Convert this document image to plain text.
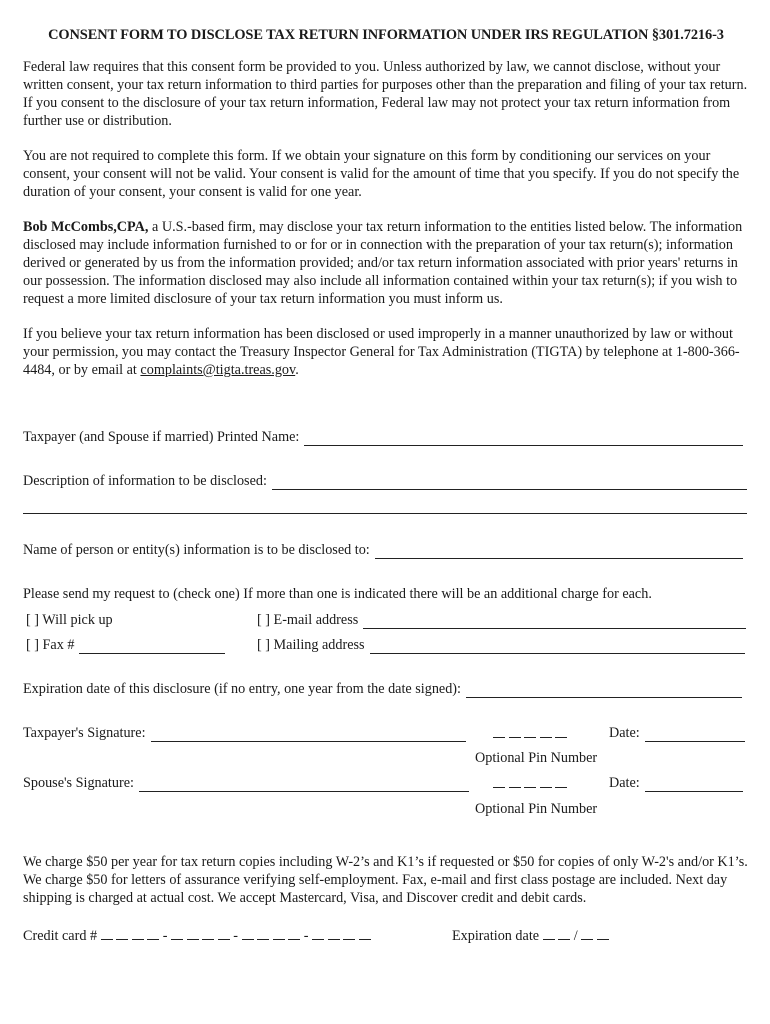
CONSENT FORM TO DISCLOSE TAX RETURN INFORMATION UNDER IRS REGULATION §301.7216-3

Federal law requires that this consent form be provided to you. Unless authorized by law, we cannot disclose, without your written consent, your tax return information to third parties for purposes other than the preparation and filing of your tax return. If you consent to the disclosure of your tax return information, Federal law may not protect your tax return information from further use or distribution.

You are not required to complete this form. If we obtain your signature on this form by conditioning our services on your consent, your consent will not be valid. Your consent is valid for the amount of time that you specify. If you do not specify the duration of your consent, your consent is valid for one year.

Bob McCombs,CPA, a U.S.-based firm, may disclose your tax return information to the entities listed below. The information disclosed may include information furnished to or for or in connection with the preparation of your tax return(s); information derived or generated by us from the information provided; and/or tax return information associated with prior years' returns in our possession. The information disclosed may also include all information contained within your tax return(s); if you wish to request a more limited disclosure of your tax return information you must inform us.

If you believe your tax return information has been disclosed or used improperly in a manner unauthorized by law or without your permission, you may contact the Treasury Inspector General for Tax Administration (TIGTA) by telephone at 1-800-366-4484, or by email at complaints@tigta.treas.gov.

Taxpayer (and Spouse if married) Printed Name:
Description of information to be disclosed:
Name of person or entity(s) information is to be disclosed to:
Please send my request to (check one) If more than one is indicated there will be an additional charge for each.
[ ] Will pick up	[ ] E-mail address
[ ] Fax #	[ ] Mailing address
Expiration date of this disclosure (if no entry, one year from the date signed):
Taxpayer's Signature:
	Date:
Optional Pin Number
Spouse's Signature:
	Date:
Optional Pin Number
We charge $50 per year for tax return copies including W-2’s and K1’s if requested or $50 for copies of only W-2's and/or K1’s. We charge $50 for letters of assurance verifying self-employment. Fax, e-mail and first class postage are included. Next day shipping is charged at actual cost. We accept Mastercard, Visa, and Discover credit and debit cards.
Credit card #	-	-	-	Expiration date   /
